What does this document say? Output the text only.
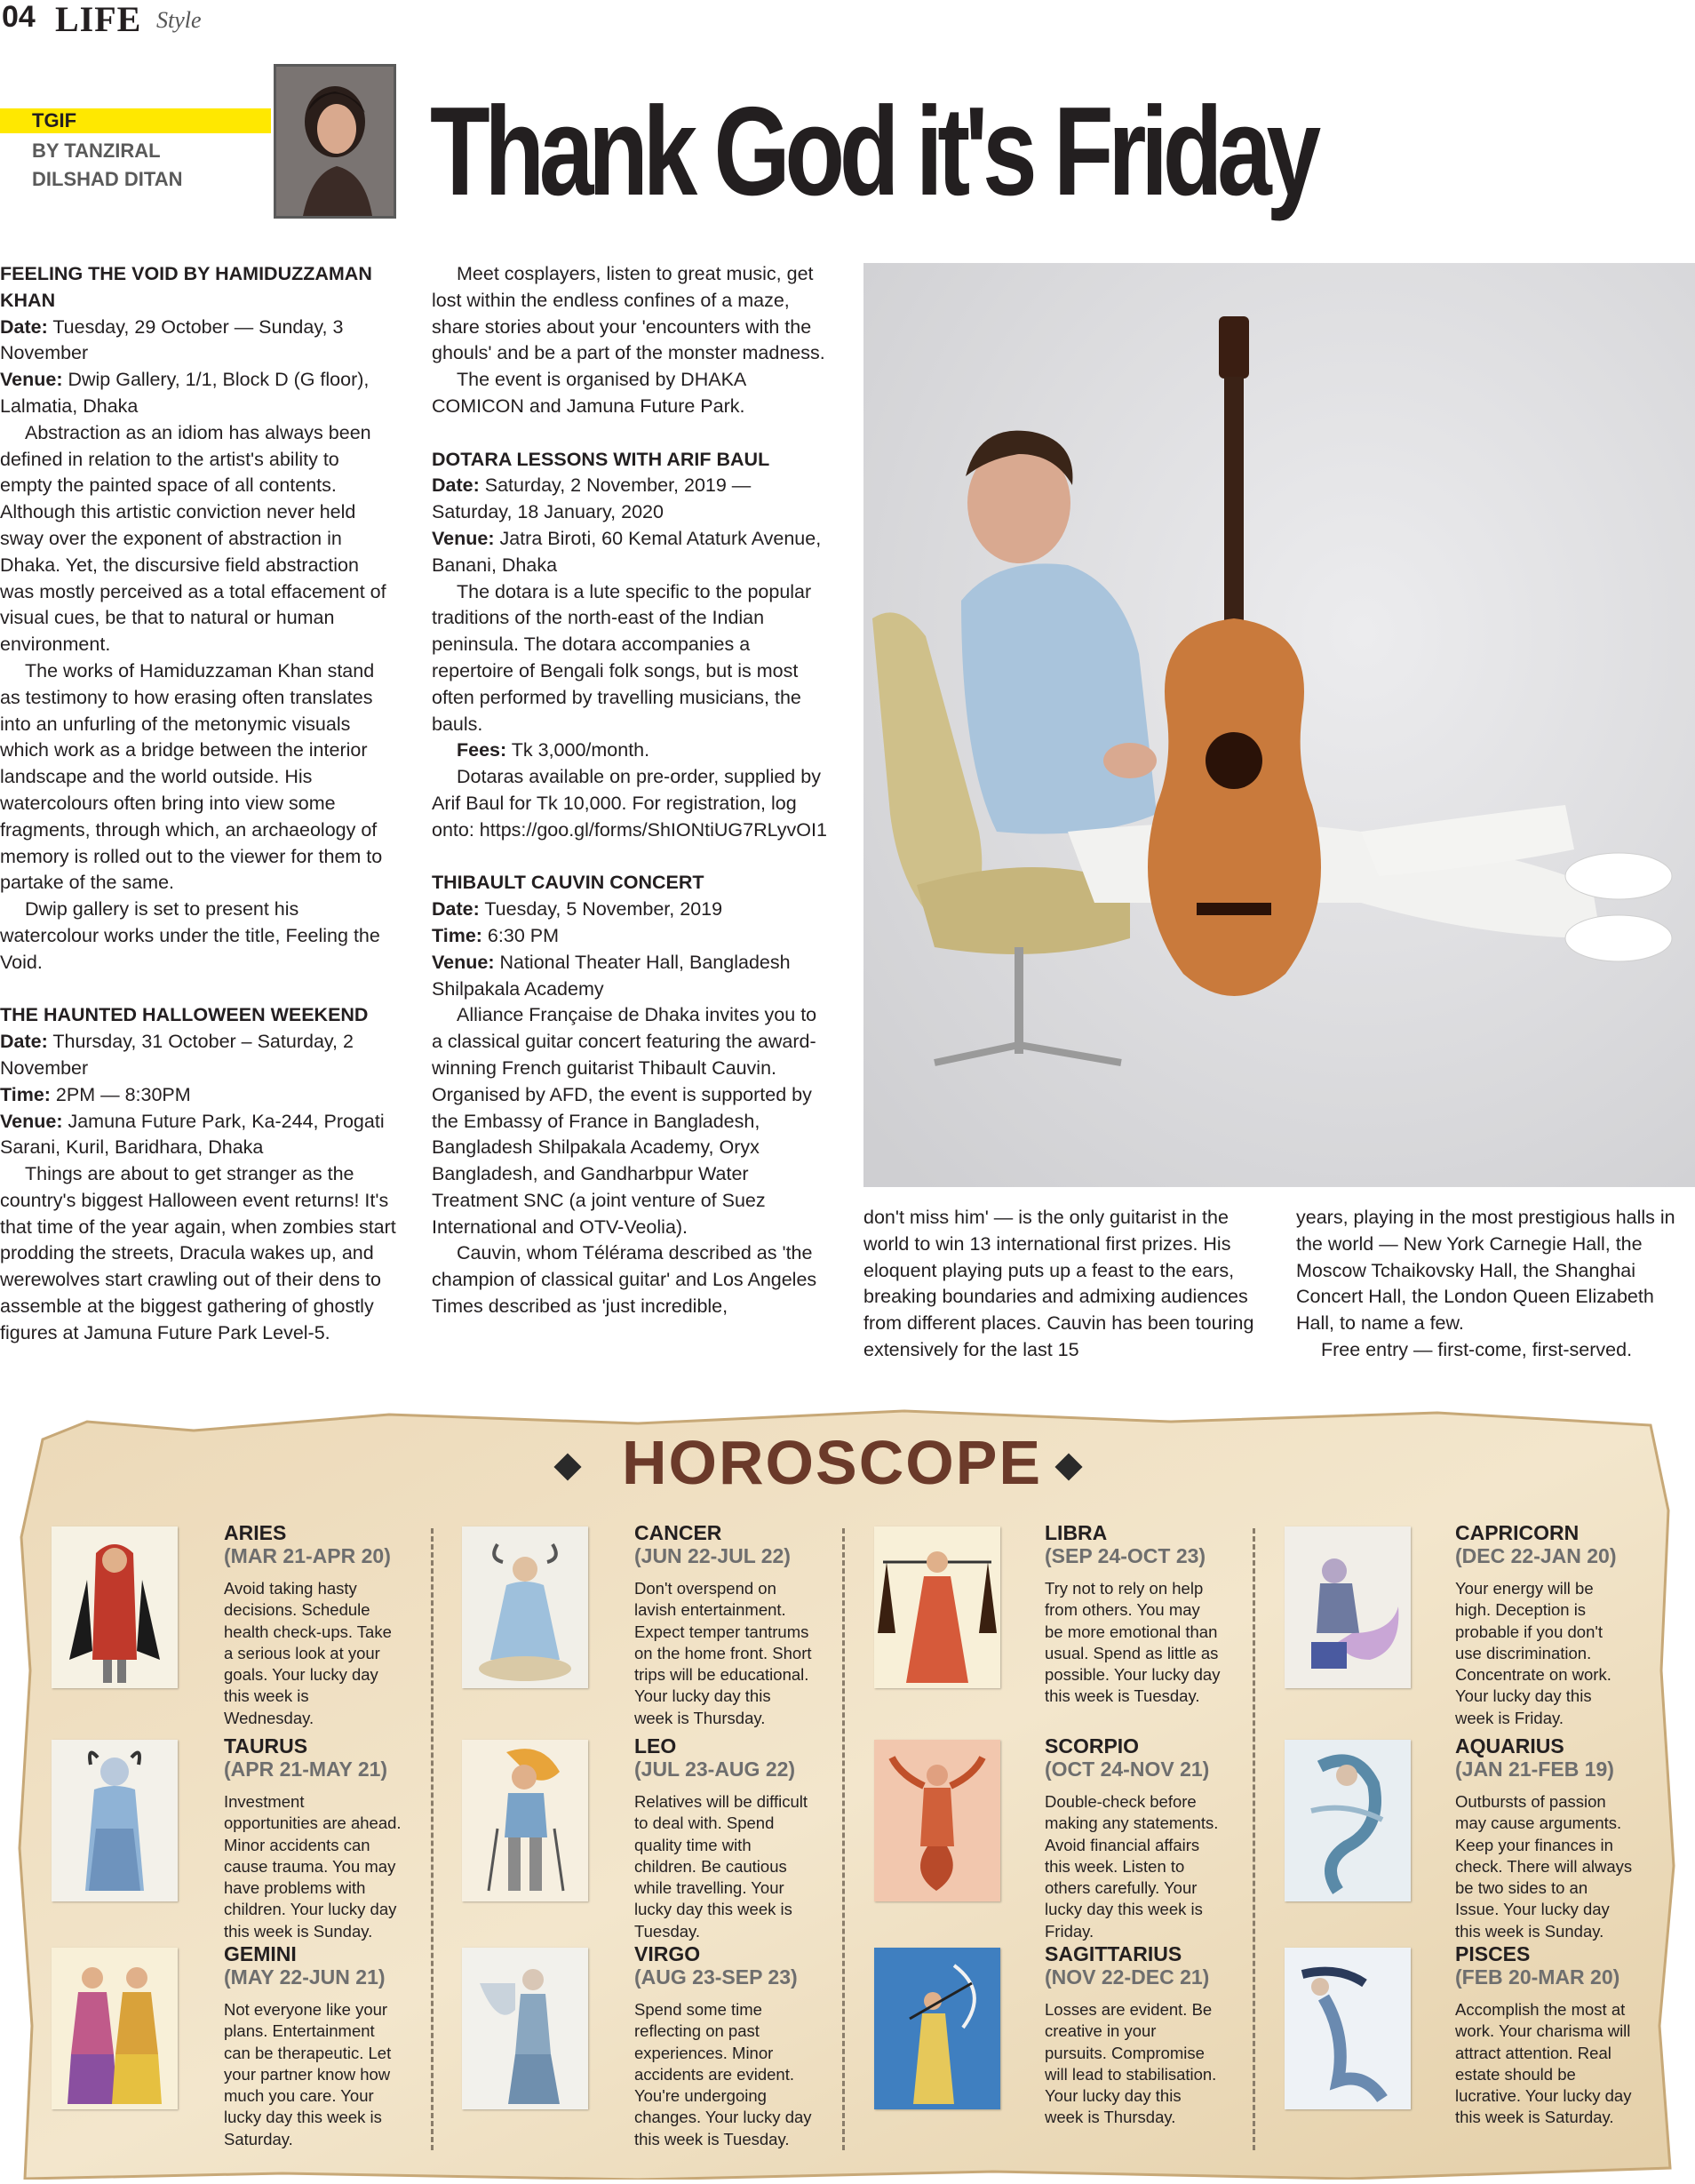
04 LIFE Style
TGIF
BY TANZIRAL DILSHAD DITAN	Thank God it's Friday

FEELING THE VOID BY HAMIDUZZAMAN KHAN

Date: Tuesday, 29 October — Sunday, 3 November

Venue: Dwip Gallery, 1/1, Block D (G floor), Lalmatia, Dhaka

Abstraction as an idiom has always been defined in relation to the artist's ability to empty the painted space of all contents. Although this artistic conviction never held sway over the exponent of abstraction in Dhaka. Yet, the discursive field abstraction was mostly perceived as a total effacement of visual cues, be that to natural or human environment.

The works of Hamiduzzaman Khan stand as testimony to how erasing often translates into an unfurling of the metonymic visuals which work as a bridge between the interior landscape and the world outside. His watercolours often bring into view some fragments, through which, an archaeology of memory is rolled out to the viewer for them to partake of the same.

Dwip gallery is set to present his watercolour works under the title, Feeling the Void.

THE HAUNTED HALLOWEEN WEEKEND

Date: Thursday, 31 October – Saturday, 2 November

Time: 2PM — 8:30PM

Venue: Jamuna Future Park, Ka-244, Progati Sarani, Kuril, Baridhara, Dhaka

Things are about to get stranger as the country's biggest Halloween event returns! It's that time of the year again, when zombies start prodding the streets, Dracula wakes up, and werewolves start crawling out of their dens to assemble at the biggest gathering of ghostly figures at Jamuna Future Park Level-5.

Meet cosplayers, listen to great music, get lost within the endless confines of a maze, share stories about your 'encounters with the ghouls' and be a part of the monster madness.

The event is organised by DHAKA COMICON and Jamuna Future Park.

DOTARA LESSONS WITH ARIF BAUL

Date: Saturday, 2 November, 2019 — Saturday, 18 January, 2020

Venue: Jatra Biroti, 60 Kemal Ataturk Avenue, Banani, Dhaka

The dotara is a lute specific to the popular traditions of the north-east of the Indian peninsula. The dotara accompanies a repertoire of Bengali folk songs, but is most often performed by travelling musicians, the bauls.

Fees: Tk 3,000/month.

Dotaras available on pre-order, supplied by Arif Baul for Tk 10,000. For registration, log onto: https://goo.gl/forms/ShIONtiUG7RLyvOI1

THIBAULT CAUVIN CONCERT

Date: Tuesday, 5 November, 2019

Time: 6:30 PM

Venue: National Theater Hall, Bangladesh Shilpakala Academy

Alliance Française de Dhaka invites you to a classical guitar concert featuring the award-winning French guitarist Thibault Cauvin. Organised by AFD, the event is supported by the Embassy of France in Bangladesh, Bangladesh Shilpakala Academy, Oryx Bangladesh, and Gandharbpur Water Treatment SNC (a joint venture of Suez International and OTV-Veolia).

Cauvin, whom Télérama described as 'the champion of classical guitar' and Los Angeles Times described as 'just incredible,

don't miss him' — is the only guitarist in the world to win 13 international first prizes. His eloquent playing puts up a feast to the ears, breaking boundaries and admixing audiences from different places. Cauvin has been touring extensively for the last 15

years, playing in the most prestigious halls in the world — New York Carnegie Hall, the Moscow Tchaikovsky Hall, the Shanghai Concert Hall, the London Queen Elizabeth Hall, to name a few.

Free entry — first-come, first-served.

HOROSCOPE
ARIES
(MAR 21-APR 20)
Avoid taking hasty decisions. Schedule health check-ups. Take a serious look at your goals. Your lucky day this week is Wednesday.
TAURUS
(APR 21-MAY 21)
Investment opportunities are ahead. Minor accidents can cause trauma. You may have problems with children. Your lucky day this week is Sunday.
GEMINI
(MAY 22-JUN 21)
Not everyone like your plans. Entertainment can be therapeutic. Let your partner know how much you care. Your lucky day this week is Saturday.
CANCER
(JUN 22-JUL 22)
Don't overspend on lavish entertainment. Expect temper tantrums on the home front. Short trips will be educational. Your lucky day this week is Thursday.
LEO
(JUL 23-AUG 22)
Relatives will be difficult to deal with. Spend quality time with children. Be cautious while travelling. Your lucky day this week is Tuesday.
VIRGO
(AUG 23-SEP 23)
Spend some time reflecting on past experiences. Minor accidents are evident. You're undergoing changes. Your lucky day this week is Tuesday.
LIBRA
(SEP 24-OCT 23)
Try not to rely on help from others. You may be more emotional than usual. Spend as little as possible. Your lucky day this week is Tuesday.
SCORPIO
(OCT 24-NOV 21)
Double-check before making any statements. Avoid financial affairs this week. Listen to others carefully. Your lucky day this week is Friday.
SAGITTARIUS
(NOV 22-DEC 21)
Losses are evident. Be creative in your pursuits. Compromise will lead to stabilisation. Your lucky day this week is Thursday.
CAPRICORN
(DEC 22-JAN 20)
Your energy will be high. Deception is probable if you don't use discrimination. Concentrate on work. Your lucky day this week is Friday.
AQUARIUS
(JAN 21-FEB 19)
Outbursts of passion may cause arguments. Keep your finances in check. There will always be two sides to an Issue. Your lucky day this week is Sunday.
PISCES
(FEB 20-MAR 20)
Accomplish the most at work. Your charisma will attract attention. Real estate should be lucrative. Your lucky day this week is Saturday.
